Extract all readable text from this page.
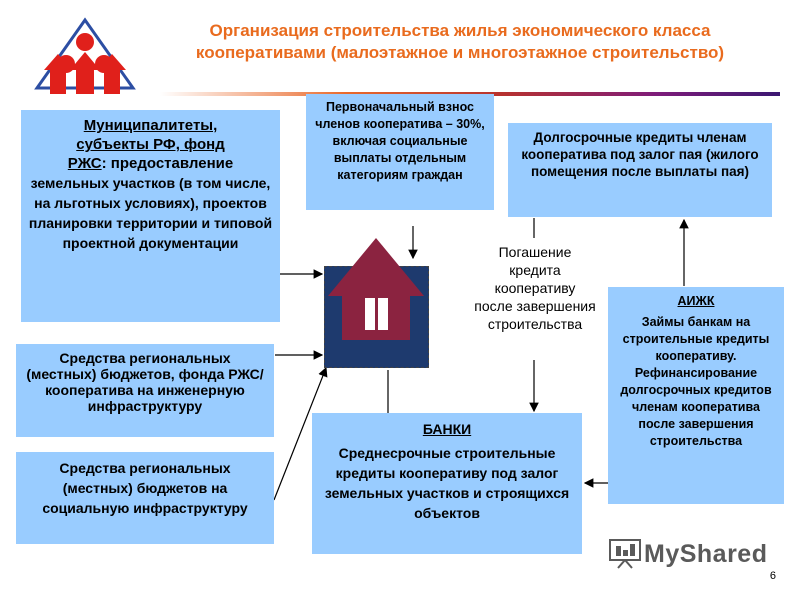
Организация строительства жилья экономического класса
кооперативами (малоэтажное и многоэтажное строительство)
Муниципалитеты,
субъекты РФ, фонд
РЖС: предоставление
земельных участков (в том числе, на льготных условиях), проектов планировки территории и типовой проектной документации
Первоначальный взнос членов кооператива – 30%, включая социальные выплаты отдельным категориям граждан
Долгосрочные кредиты членам кооператива под залог пая (жилого помещения после выплаты пая)
Погашение кредита кооперативу после завершения строительства
Средства региональных (местных) бюджетов, фонда РЖС/ кооператива на инженерную инфраструктуру
Средства региональных (местных) бюджетов на социальную инфраструктуру
БАНКИ
Среднесрочные строительные кредиты кооперативу под залог земельных участков и строящихся объектов
АИЖК
Займы банкам на строительные кредиты кооперативу. Рефинансирование долгосрочных кредитов членам кооператива после завершения строительства
MyShared
6
